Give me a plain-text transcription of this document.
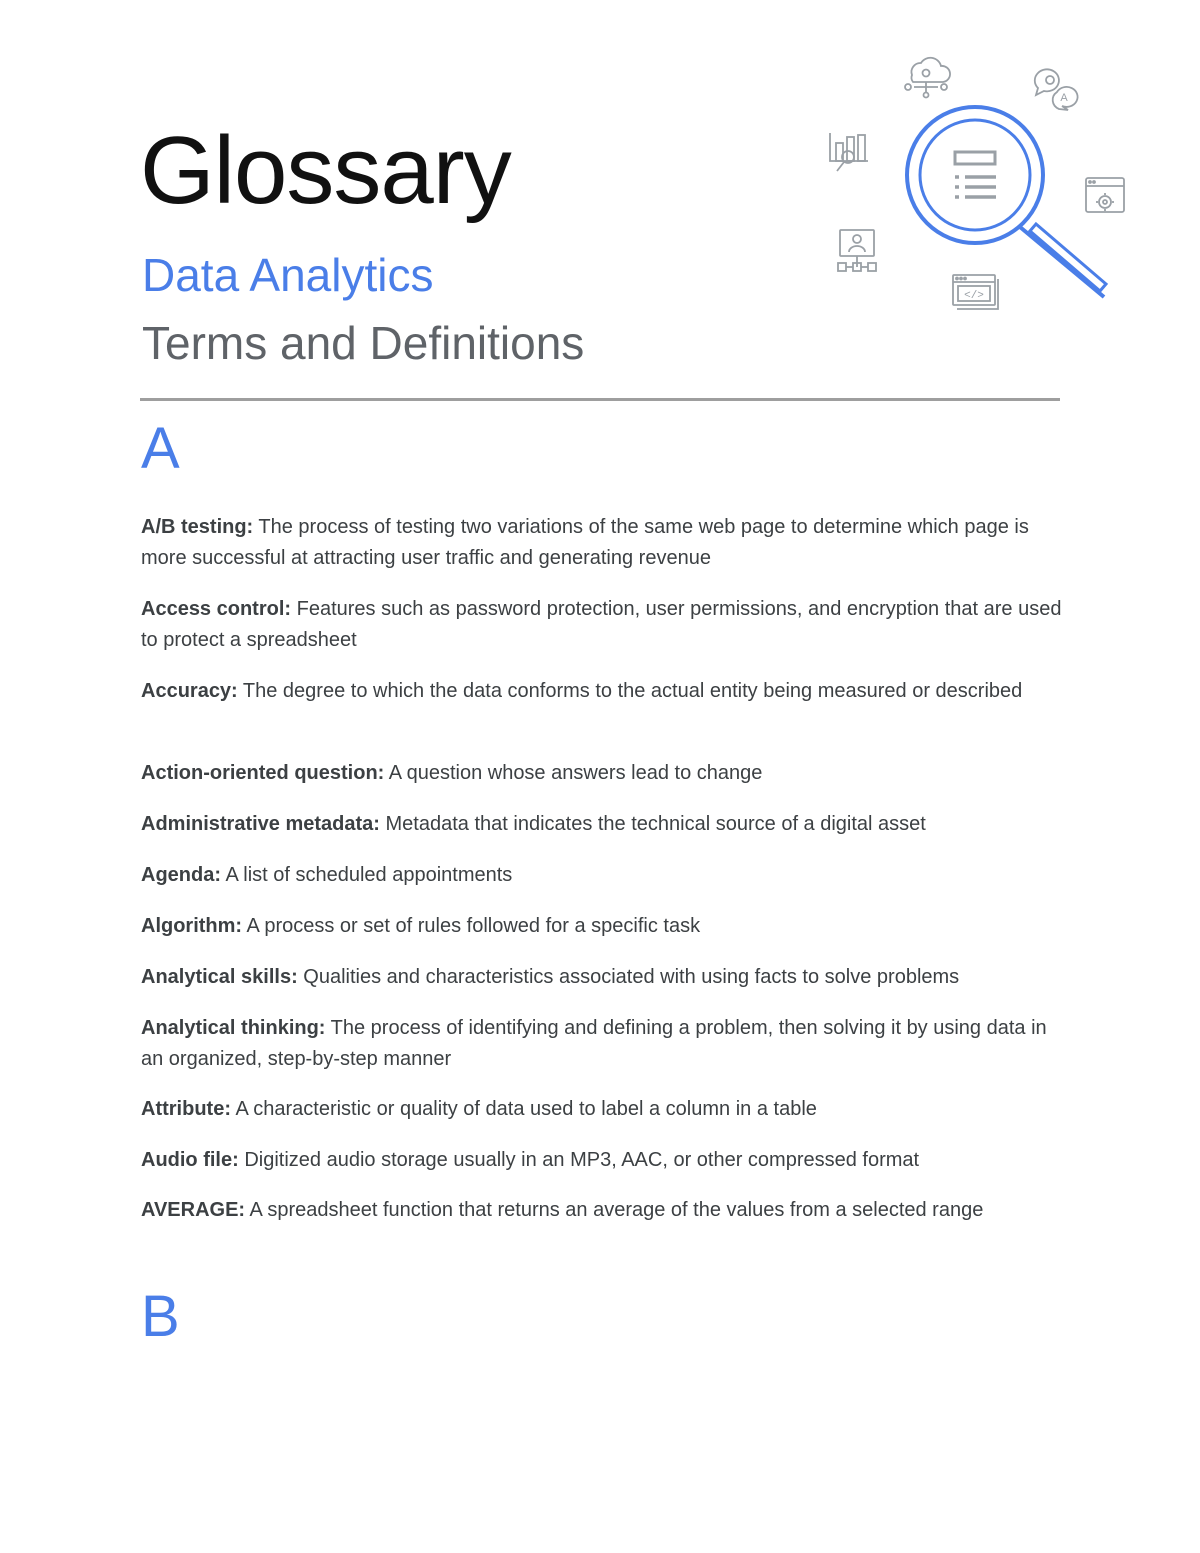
Glossary
Data Analytics
Terms and Definitions
A
</>
A

A/B testing: The process of testing two variations of the same web page to determine which page is more successful at attracting user traffic and generating revenue

Access control: Features such as password protection, user permissions, and encryption that are used to protect a spreadsheet

Accuracy: The degree to which the data conforms to the actual entity being measured or described

Action-oriented question: A question whose answers lead to change

Administrative metadata: Metadata that indicates the technical source of a digital asset

Agenda: A list of scheduled appointments

Algorithm: A process or set of rules followed for a specific task

Analytical skills: Qualities and characteristics associated with using facts to solve problems

Analytical thinking: The process of identifying and defining a problem, then solving it by using data in an organized, step-by-step manner

Attribute: A characteristic or quality of data used to label a column in a table

Audio file: Digitized audio storage usually in an MP3, AAC, or other compressed format

AVERAGE: A spreadsheet function that returns an average of the values from a selected range

B
